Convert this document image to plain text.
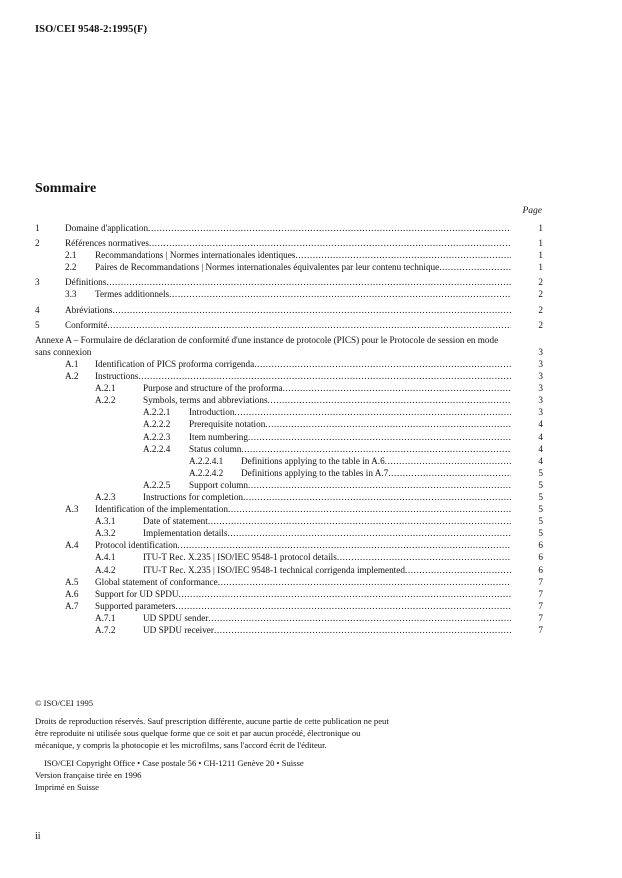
ISO/CEI 9548-2:1995(F)
Sommaire
Page
1	Domaine d'application .....	1
2	Références normatives .....	1
2.1 Recommandations | Normes internationales identiques .....	1
2.2 Paires de Recommandations | Normes internationales équivalentes par leur contenu technique .....	1
3	Définitions .....	2
3.3 Termes additionnels .....	2
4	Abréviations .....	2
5	Conformité .....	2
Annexe A – Formulaire de déclaration de conformité d'une instance de protocole (PICS) pour le Protocole de session en mode sans connexion	3
A.1 Identification of PICS proforma corrigenda .....	3
A.2 Instructions .....	3
A.2.1	Purpose and structure of the proforma .....	3
A.2.2	Symbols, terms and abbreviations .....	3
A.2.2.1 Introduction .....	3
A.2.2.2 Prerequisite notation .....	4
A.2.2.3 Item numbering .....	4
A.2.2.4 Status column .....	4
A.2.2.4.1 Definitions applying to the table in A.6 .....	4
A.2.2.4.2 Definitions applying to the tables in A.7 .....	5
A.2.2.5 Support column .....	5
A.2.3	Instructions for completion .....	5
A.3 Identification of the implementation .....	5
A.3.1	Date of statement .....	5
A.3.2	Implementation details .....	5
A.4 Protocol identification .....	6
A.4.1	ITU-T Rec. X.235 | ISO/IEC 9548-1 protocol details .....	6
A.4.2	ITU-T Rec. X.235 | ISO/IEC 9548-1 technical corrigenda implemented .....	6
A.5 Global statement of conformance .....	7
A.6 Support for UD SPDU .....	7
A.7 Supported parameters .....	7
A.7.1	UD SPDU sender .....	7
A.7.2	UD SPDU receiver .....	7

© ISO/CEI 1995

Droits de reproduction réservés. Sauf prescription différente, aucune partie de cette publication ne peut être reproduite ni utilisée sous quelque forme que ce soit et par aucun procédé, électronique ou mécanique, y compris la photocopie et les microfilms, sans l'accord écrit de l'éditeur.

ISO/CEI Copyright Office • Case postale 56 • CH-1211 Genève 20 • Suisse

Version française tirée en 1996

Imprimé en Suisse

ii
